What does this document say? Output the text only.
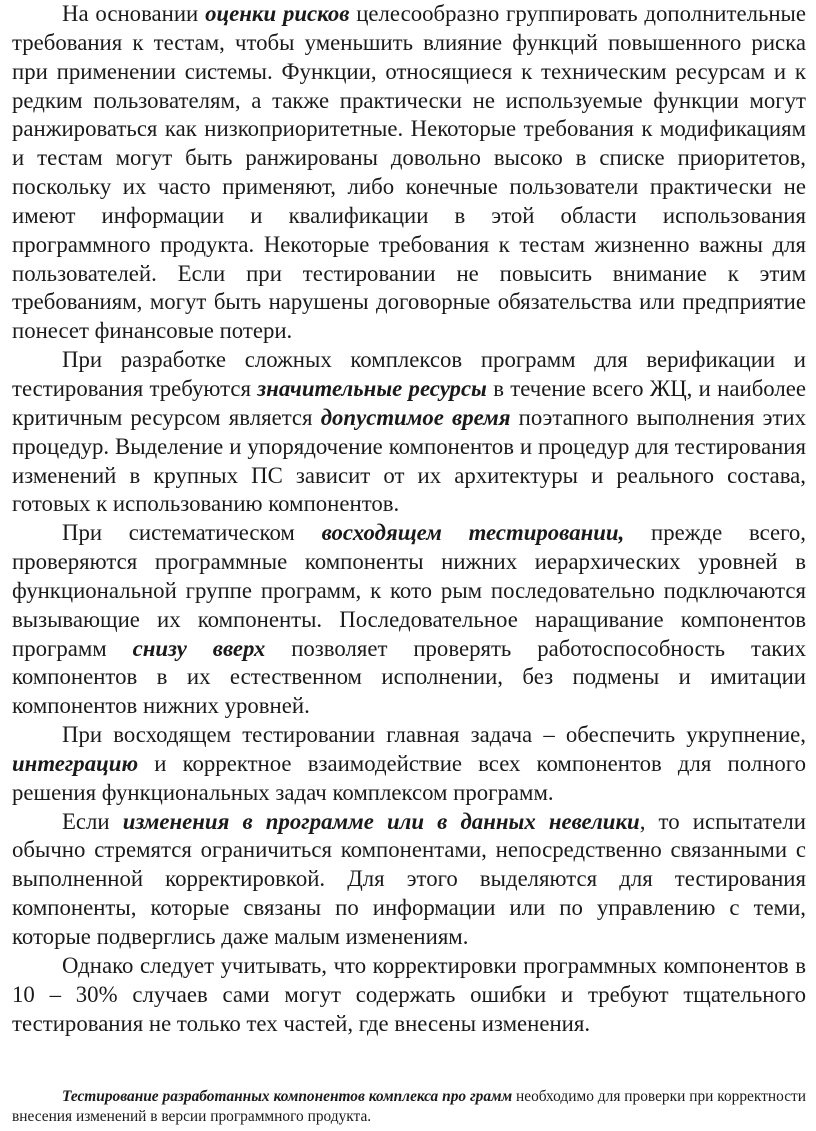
На основании оценки рисков целесообразно группировать дополнительные требования к тестам, чтобы уменьшить влияние функций повышенного риска при применении системы. Функции, относящиеся к техническим ресурсам и к редким пользователям, а также практически не используемые функции могут ранжироваться как низкоприоритетные. Некоторые требования к модификациям и тестам могут быть ранжированы довольно высоко в списке приоритетов, поскольку их часто применяют, либо конечные пользователи практически не имеют информации и квалификации в этой области использования программного продукта. Некоторые требования к тестам жизненно важны для пользователей. Если при тестировании не повысить внимание к этим требованиям, могут быть нарушены договорные обязательства или предприятие понесет финансовые потери.

При разработке сложных комплексов программ для верификации и тестирования требуются значительные ресурсы в течение всего ЖЦ, и наиболее критичным ресурсом является допустимое время поэтапного выполнения этих процедур. Выделение и упорядочение компонентов и процедур для тестирования изменений в крупных ПС зависит от их архитектуры и реального состава, готовых к использованию компонентов.

При систематическом восходящем тестировании, прежде всего, проверяются программные компоненты нижних иерархических уровней в функциональной группе программ, к кото рым последовательно подключаются вызывающие их компоненты. Последовательное наращивание компонентов программ снизу вверх позволяет проверять работоспособность таких компонентов в их естественном исполнении, без подмены и имитации компонентов нижних уровней.

При восходящем тестировании главная задача – обеспечить укрупнение, интеграцию и корректное взаимодействие всех компонентов для полного решения функциональных задач комплексом программ.

Если изменения в программе или в данных невелики, то испытатели обычно стремятся ограничиться компонентами, непосредственно связанными с выполненной корректировкой. Для этого выделяются для тестирования компоненты, которые связаны по информации или по управлению с теми, которые подверглись даже малым изменениям.

Однако следует учитывать, что корректировки программных компонентов в 10 – 30% случаев сами могут содержать ошибки и требуют тщательного тестирования не только тех частей, где внесены изменения.

Тестирование разработанных компонентов комплекса про грамм необходимо для проверки при корректности внесения изменений в версии программного продукта.
